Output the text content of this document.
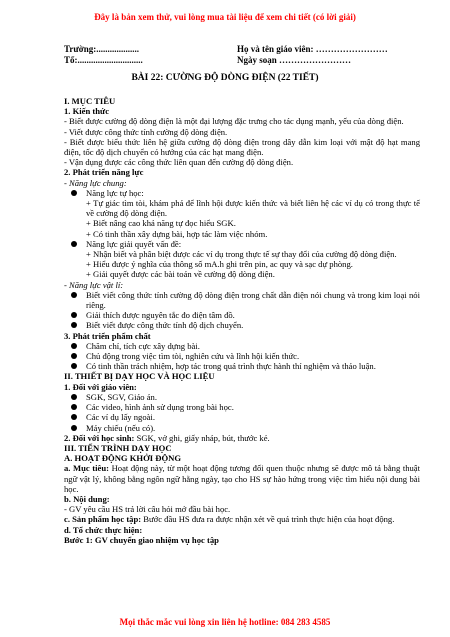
Đây là bản xem thử, vui lòng mua tài liệu để xem chi tiết (có lời giải)
Trường:...................
Tổ:.............................
Họ và tên giáo viên: ……………………
Ngày soạn ……………………
BÀI 22: CƯỜNG ĐỘ DÒNG ĐIỆN (22 TIẾT)

I. MỤC TIÊU

1. Kiến thức

- Biết được cường độ dòng điện là một đại lượng đặc trưng cho tác dụng mạnh, yếu của dòng điện.

- Viết được công thức tính cường độ dòng điện.

- Biết được biểu thức liên hệ giữa cường độ dòng điện trong dây dẫn kim loại với mật độ hạt mang điện, tốc độ dịch chuyển có hướng của các hạt mang điện.

- Vận dụng được các công thức liên quan đến cường độ dòng điện.

2. Phát triển năng lực

- Năng lực chung:

Năng lực tự học:

+ Tự giác tìm tòi, khám phá để lĩnh hội được kiến thức và biết liên hệ các ví dụ có trong thực tế về cường độ dòng điện.

+ Biết nâng cao khả năng tự đọc hiểu SGK.

+ Có tinh thần xây dựng bài, hợp tác làm việc nhóm.

Năng lực giải quyết vấn đề:

+ Nhận biết và phân biệt được các ví dụ trong thực tế sự thay đổi của cường độ dòng điện.

+ Hiểu được ý nghĩa của thông số mA.h ghi trên pin, ac quy và sạc dự phòng.

+ Giải quyết được các bài toán về cường độ dòng điện.

- Năng lực vật lí:

Biết viết công thức tính cường độ dòng điện trong chất dẫn điện nói chung và trong kim loại nói riêng.
Giải thích được nguyên tắc đo điện tâm đồ.
Biết viết được công thức tính độ dịch chuyển.

3. Phát triển phẩm chất

Chăm chỉ, tích cực xây dựng bài.
Chủ động trong việc tìm tòi, nghiên cứu và lĩnh hội kiến thức.
Có tinh thần trách nhiệm, hợp tác trong quá trình thực hành thí nghiệm và thảo luận.

II. THIẾT BỊ DẠY HỌC VÀ HỌC LIỆU

1. Đối với giáo viên:

SGK, SGV, Giáo án.
Các video, hình ảnh sử dụng trong bài học.
Các ví dụ lấy ngoài.
Máy chiếu (nếu có).

2. Đối với học sinh: SGK, vở ghi, giấy nháp, bút, thước kẻ.

III. TIẾN TRÌNH DẠY HỌC

A. HOẠT ĐỘNG KHỞI ĐỘNG

a. Mục tiêu: Hoạt động này, từ một hoạt động tương đối quen thuộc nhưng sẽ được mô tả bằng thuật ngữ vật lý, không bằng ngôn ngữ hằng ngày, tạo cho HS sự hào hứng trong việc tìm hiểu nội dung bài học.

b. Nội dung:

- GV yêu cầu HS trả lời câu hỏi mở đầu bài học.

c. Sản phẩm học tập: Bước đầu HS đưa ra được nhận xét về quá trình thực hiện của hoạt động.

d. Tổ chức thực hiện:

Bước 1: GV chuyển giao nhiệm vụ học tập

Mọi thắc mắc vui lòng xin liên hệ hotline: 084 283 4585
